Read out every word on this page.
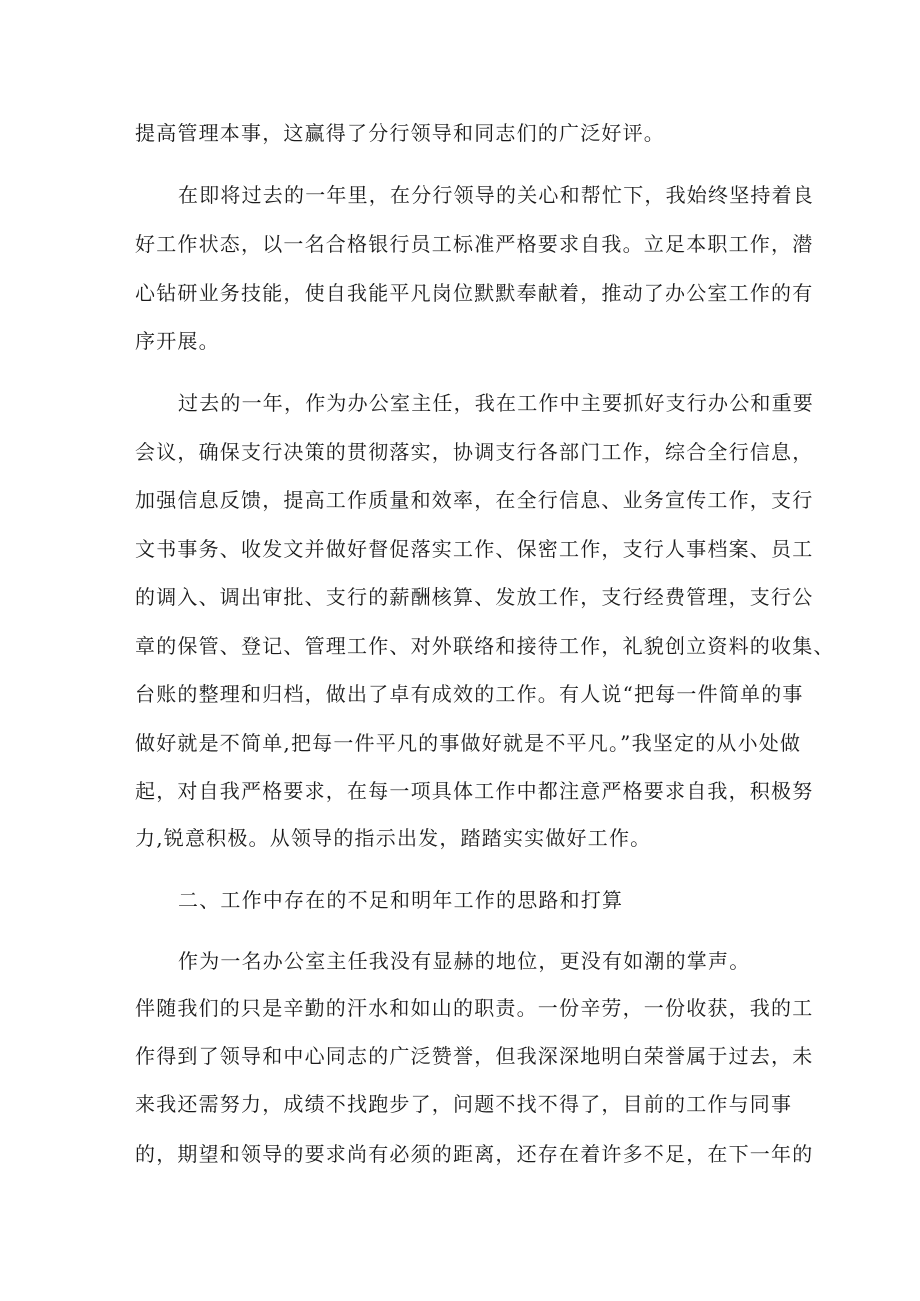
提高管理本事，这赢得了分行领导和同志们的广泛好评。
在即将过去的一年里，在分行领导的关心和帮忙下，我始终坚持着良
好工作状态，以一名合格银行员工标准严格要求自我。立足本职工作，潜
心钻研业务技能，使自我能平凡岗位默默奉献着，推动了办公室工作的有
序开展。
过去的一年，作为办公室主任，我在工作中主要抓好支行办公和重要
会议，确保支行决策的贯彻落实，协调支行各部门工作，综合全行信息，
加强信息反馈，提高工作质量和效率，在全行信息、业务宣传工作，支行
文书事务、收发文并做好督促落实工作、保密工作，支行人事档案、员工
的调入、调出审批、支行的薪酬核算、发放工作，支行经费管理，支行公
章的保管、登记、管理工作、对外联络和接待工作，礼貌创立资料的收集、
台账的整理和归档，做出了卓有成效的工作。有人说“把每一件简单的事
做好就是不简单,把每一件平凡的事做好就是不平凡。”我坚定的从小处做
起，对自我严格要求，在每一项具体工作中都注意严格要求自我，积极努
力,锐意积极。从领导的指示出发，踏踏实实做好工作。
二、工作中存在的不足和明年工作的思路和打算
作为一名办公室主任我没有显赫的地位，更没有如潮的掌声。
伴随我们的只是辛勤的汗水和如山的职责。一份辛劳，一份收获，我的工
作得到了领导和中心同志的广泛赞誉，但我深深地明白荣誉属于过去，未
来我还需努力，成绩不找跑步了，问题不找不得了，目前的工作与同事
的，期望和领导的要求尚有必须的距离，还存在着许多不足，在下一年的
